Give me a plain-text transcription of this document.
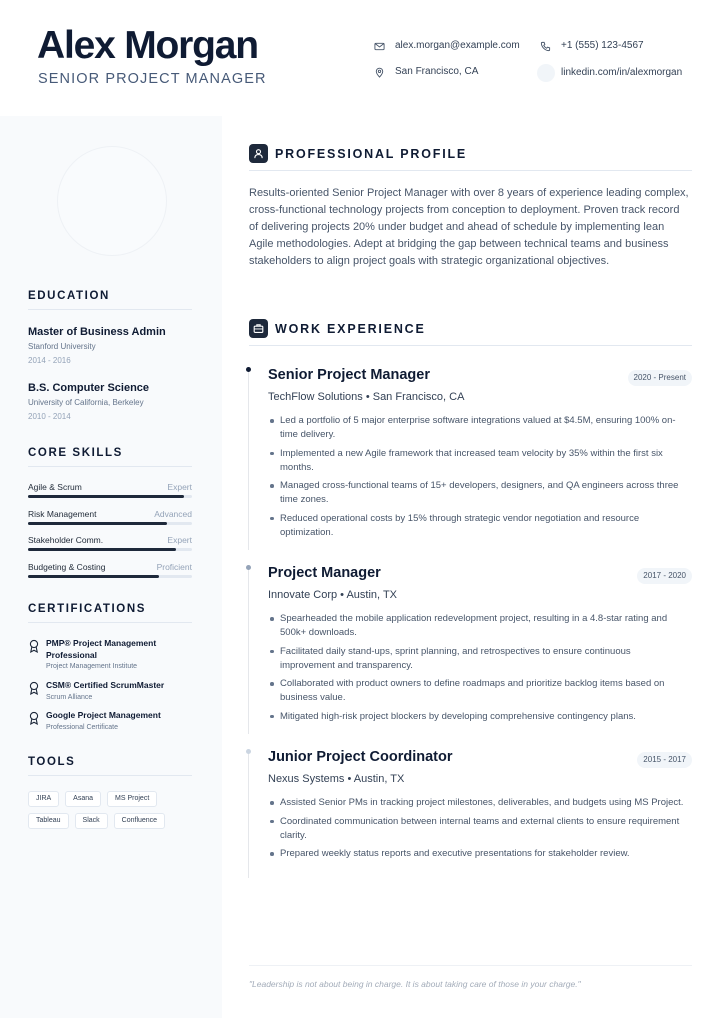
Alex Morgan
SENIOR PROJECT MANAGER
alex.morgan@example.com	+1 (555) 123-4567
San Francisco, CA	linkedin.com/in/alexmorgan
EDUCATION
Master of Business Admin
Stanford University
2014 - 2016
B.S. Computer Science
University of California, Berkeley
2010 - 2014
CORE SKILLS
Agile & Scrum	Expert
Risk Management	Advanced
Stakeholder Comm.	Expert
Budgeting & Costing	Proficient
CERTIFICATIONS
PMP® Project Management Professional
Project Management Institute
CSM® Certified ScrumMaster
Scrum Alliance
Google Project Management
Professional Certificate
TOOLS
JIRA	Asana	MS Project
Tableau	Slack	Confluence
PROFESSIONAL PROFILE
Results-oriented Senior Project Manager with over 8 years of experience leading complex, cross-functional technology projects from conception to deployment. Proven track record of delivering projects 20% under budget and ahead of schedule by implementing lean Agile methodologies. Adept at bridging the gap between technical teams and business stakeholders to align project goals with strategic organizational objectives.
WORK EXPERIENCE
Senior Project Manager	2020 - Present
TechFlow Solutions • San Francisco, CA
Led a portfolio of 5 major enterprise software integrations valued at $4.5M, ensuring 100% on-time delivery.
Implemented a new Agile framework that increased team velocity by 35% within the first six months.
Managed cross-functional teams of 15+ developers, designers, and QA engineers across three time zones.
Reduced operational costs by 15% through strategic vendor negotiation and resource optimization.
Project Manager	2017 - 2020
Innovate Corp • Austin, TX
Spearheaded the mobile application redevelopment project, resulting in a 4.8-star rating and 500k+ downloads.
Facilitated daily stand-ups, sprint planning, and retrospectives to ensure continuous improvement and transparency.
Collaborated with product owners to define roadmaps and prioritize backlog items based on business value.
Mitigated high-risk project blockers by developing comprehensive contingency plans.
Junior Project Coordinator	2015 - 2017
Nexus Systems • Austin, TX
Assisted Senior PMs in tracking project milestones, deliverables, and budgets using MS Project.
Coordinated communication between internal teams and external clients to ensure requirement clarity.
Prepared weekly status reports and executive presentations for stakeholder review.
"Leadership is not about being in charge. It is about taking care of those in your charge."
